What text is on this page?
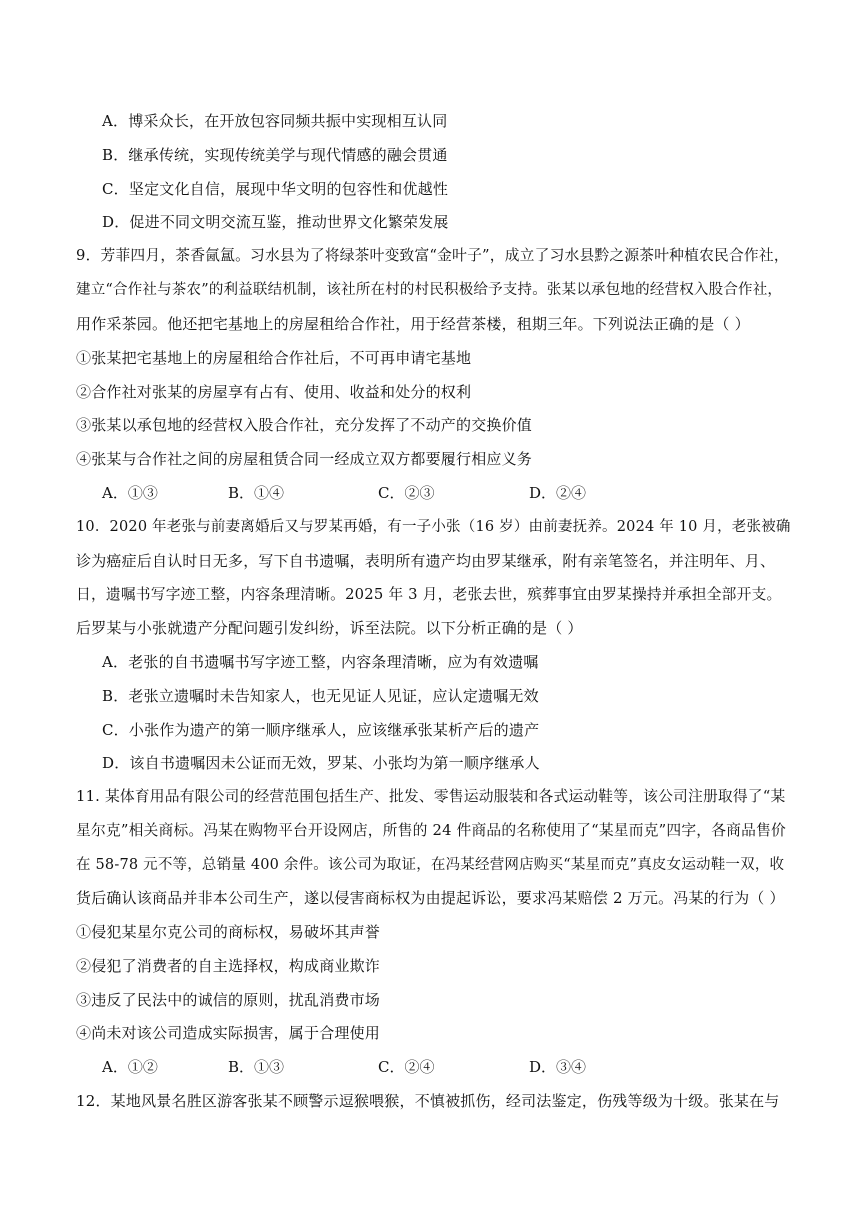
A．博采众长，在开放包容同频共振中实现相互认同
B．继承传统，实现传统美学与现代情感的融会贯通
C．坚定文化自信，展现中华文明的包容性和优越性
D．促进不同文明交流互鉴，推动世界文化繁荣发展
9．芳菲四月，茶香氤氲。习水县为了将绿茶叶变致富“金叶子”，成立了习水县黔之源茶叶种植农民合作社，
建立“合作社与茶农”的利益联结机制，该社所在村的村民积极给予支持。张某以承包地的经营权入股合作社，
用作采茶园。他还把宅基地上的房屋租给合作社，用于经营茶楼，租期三年。下列说法正确的是（ ）
①张某把宅基地上的房屋租给合作社后，不可再申请宅基地
②合作社对张某的房屋享有占有、使用、收益和处分的权利
③张某以承包地的经营权入股合作社，充分发挥了不动产的交换价值
④张某与合作社之间的房屋租赁合同一经成立双方都要履行相应义务
A．①③	B．①④	C．②③	D．②④
10．2020 年老张与前妻离婚后又与罗某再婚，有一子小张（16 岁）由前妻抚养。2024 年 10 月，老张被确
诊为癌症后自认时日无多，写下自书遗嘱，表明所有遗产均由罗某继承，附有亲笔签名，并注明年、月、
日，遗嘱书写字迹工整，内容条理清晰。2025 年 3 月，老张去世，殡葬事宜由罗某操持并承担全部开支。
后罗某与小张就遗产分配问题引发纠纷，诉至法院。以下分析正确的是（ ）
A．老张的自书遗嘱书写字迹工整，内容条理清晰，应为有效遗嘱
B．老张立遗嘱时未告知家人，也无见证人见证，应认定遗嘱无效
C．小张作为遗产的第一顺序继承人，应该继承张某析产后的遗产
D．该自书遗嘱因未公证而无效，罗某、小张均为第一顺序继承人
11. 某体育用品有限公司的经营范围包括生产、批发、零售运动服装和各式运动鞋等，该公司注册取得了“某
星尔克”相关商标。冯某在购物平台开设网店，所售的 24 件商品的名称使用了“某星而克”四字，各商品售价
在 58-78 元不等，总销量 400 余件。该公司为取证，在冯某经营网店购买“某星而克”真皮女运动鞋一双，收
货后确认该商品并非本公司生产，遂以侵害商标权为由提起诉讼，要求冯某赔偿 2 万元。冯某的行为（ ）
①侵犯某星尔克公司的商标权，易破坏其声誉
②侵犯了消费者的自主选择权，构成商业欺诈
③违反了民法中的诚信的原则，扰乱消费市场
④尚未对该公司造成实际损害，属于合理使用
A．①②	B．①③	C．②④	D．③④
12．某地风景名胜区游客张某不顾警示逗猴喂猴，不慎被抓伤，经司法鉴定，伤残等级为十级。张某在与
